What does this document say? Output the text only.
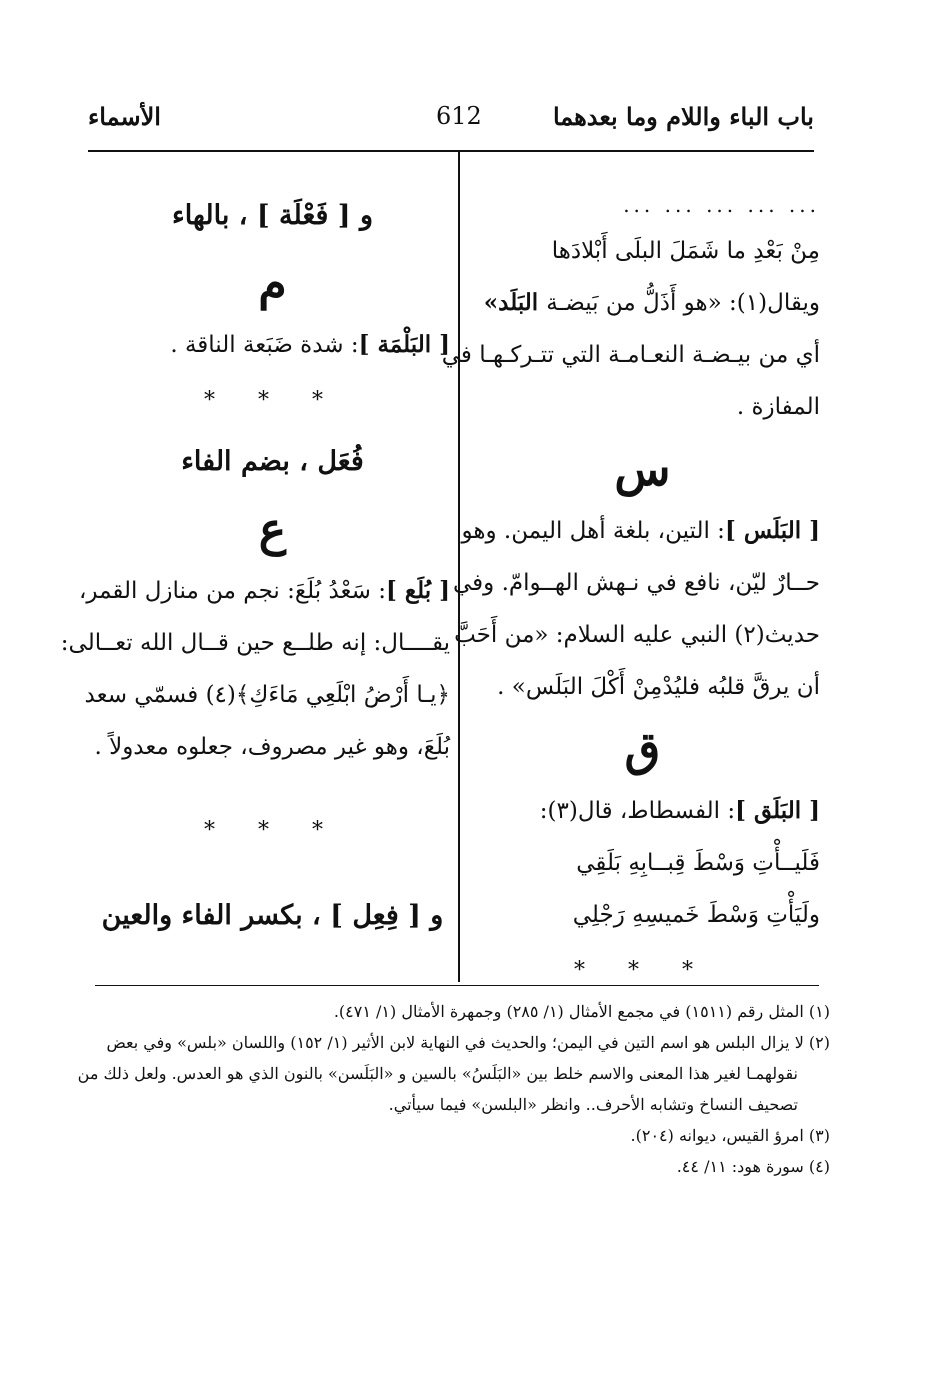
باب الباء واللام وما بعدهما
612
الأسماء
... ... ... ... ...
مِنْ بَعْدِ ما شَمَلَ البلَى أَبْلادَها
ويقال(١): «هو أَذَلُّ من بَيضـة البَلَد»
أي من بيـضـة النعـامـة التي تتـركـهـا في
المفازة .
س
[ البَلَس ]: التين، بلغة أهل اليمن. وهو
حــارٌ ليّن، نافع في نـهش الهــوامّ. وفي
حديث(٢) النبي عليه السلام: «من أَحَبَّ
أن يرقَّ قلبُه فليُدْمِنْ أَكْلَ البَلَس» .
ق
[ البَلَق ]: الفسطاط، قال(٣):
فَلَيــأْتِ وَسْطَ قِبــابِهِ بَلَقِي
ولَيَأْتِ وَسْطَ خَميسِهِ رَجْلِي
* * *
و [ فَعْلَة ] ، بالهاء
م
[ البَلْمَة ]: شدة ضَبَعة الناقة .
* * *
فُعَل ، بضم الفاء
ع
[ بُلَع ]: سَعْدُ بُلَعَ: نجم من منازل القمر،
يقــــال: إنه طلــع حين قــال الله تعــالى:
﴿يـا أَرْضُ ابْلَعِي مَاءَكِ﴾(٤) فسمّي سعد
بُلَعَ، وهو غير مصروف، جعلوه معدولاً .
* * *
و [ فِعِل ] ، بكسر الفاء والعين
(١) المثل رقم (١٥١١) في مجمع الأمثال (١/ ٢٨٥) وجمهرة الأمثال (١/ ٤٧١).
(٢) لا يزال البلس هو اسم التين في اليمن؛ والحديث في النهاية لابن الأثير (١/ ١٥٢) واللسان «بلس» وفي بعض
نقولهمـا لغير هذا المعنى والاسم خلط بين «البَلَسُ» بالسين و «البَلَسن» بالنون الذي هو العدس. ولعل ذلك من
تصحيف النساخ وتشابه الأحرف.. وانظر «البلسن» فيما سيأتي.
(٣) امرؤ القيس، ديوانه (٢٠٤).
(٤) سورة هود: ١١/ ٤٤.
